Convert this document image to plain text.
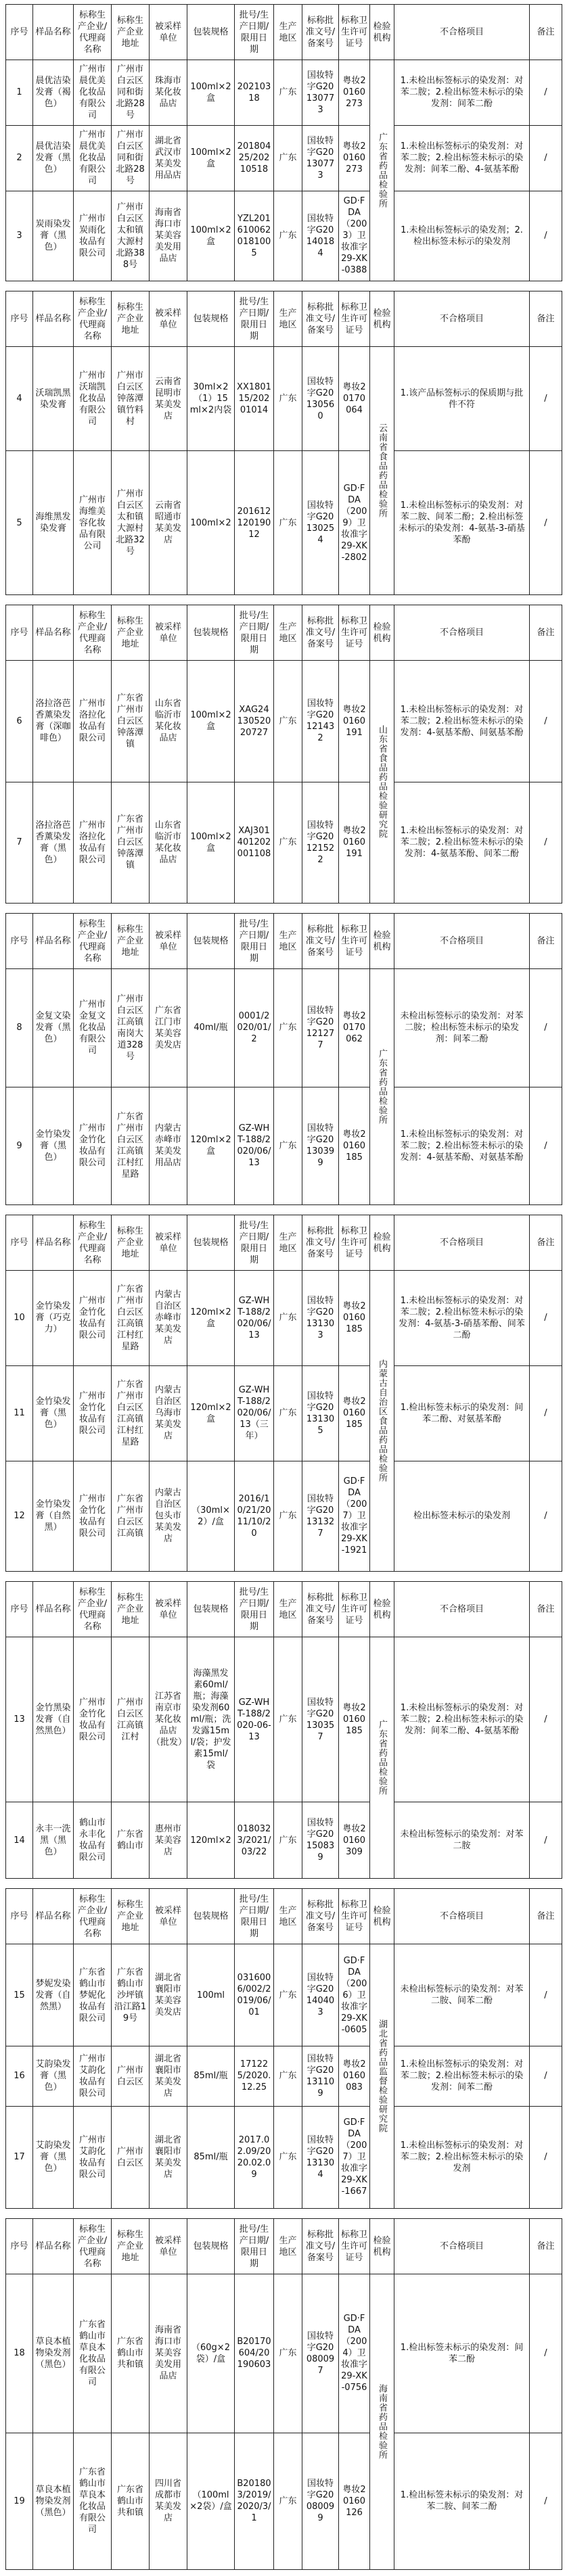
序号	样品名称	标称生产企业/代理商名称	标称生产企业地址	被采样单位	包装规格	批号/生产日期/限用日期	生产地区	标称批准文号/备案号	标称卫生许可证号	检验机构	不合格项目	备注
1	晨优洁染发膏（褐色）	广州市晨优美化妆品有限公司	广州市白云区同和街北路28号	珠海市某化妆品店	100ml×2盒	20210318	广东	国妆特字G20130773	粤妆20160273	广东省药品检验所	1.未检出标签标示的染发剂：对苯二胺；2.检出标签未标示的染发剂：间苯二酚	/
2	晨优洁染发膏（黑色）	广州市晨优美化妆品有限公司	广州市白云区同和街北路28号	湖北省武汉市某美发用品店	100ml×2盒	20180425/20210518	广东	国妆特字G20130773	粤妆20160273		1.未检出标签标示的染发剂：对苯二胺；2.检出标签未标示的染发剂：间苯二酚、4-氨基苯酚	/
3	炭雨染发膏（黑色）	广州市炭雨化妆品有限公司	广州市白云区太和镇大源村北路388号	海南省海口市某美容美发用品店	100ml×2盒	YZL2016100620181005	广东	国妆特字G20140184	GD·FDA（2003）卫妆准字29-XK-0388		1.未检出标签标示的染发剂；2.检出标签未标示的染发剂	/
序号	样品名称	标称生产企业/代理商名称	标称生产企业地址	被采样单位	包装规格	批号/生产日期/限用日期	生产地区	标称批准文号/备案号	标称卫生许可证号	检验机构	不合格项目	备注
4	沃瑞凯黑染发膏	广州市沃瑞凯化妆品有限公司	广州市白云区钟落潭镇竹料村	云南省昆明市某美发店	30ml×2（1）15ml×2内袋	XX180115/20201014	广东	国妆特字G20130560	粤妆20170064	云南省食品药品检验所	1.该产品标签标示的保质期与批件不符	/
5	海维黑发染发膏	广州市海维美容化妆品有限公司	广州市白云区太和镇大源村北路32号	云南省昭通市某美发店	100ml×2	20161212019012	广东	国妆特字G20130254	GD·FDA（2009）卫妆准字29-XK-2802		1.未检出标签标示的染发剂：对苯二胺、间苯二酚；2.检出标签未标示的染发剂：4-氨基-3-硝基苯酚	/
序号	样品名称	标称生产企业/代理商名称	标称生产企业地址	被采样单位	包装规格	批号/生产日期/限用日期	生产地区	标称批准文号/备案号	标称卫生许可证号	检验机构	不合格项目	备注
6	洛拉洛芭香薰染发膏（深咖啡色）	广州市洛拉化妆品有限公司	广东省广州市白云区钟落潭镇	山东省临沂市某化妆品店	100ml×2盒	XAG2413052020727	广东	国妆特字G20121432	粤妆20160191	山东省食品药品检验研究院	1.未检出标签标示的染发剂：对苯二胺；2.检出标签未标示的染发剂：4-氨基苯酚、间氨基苯酚	/
7	洛拉洛芭香薰染发膏（黑色）	广州市洛拉化妆品有限公司	广东省广州市白云区钟落潭镇	山东省临沂市某化妆品店	100ml×2盒	XAJ301401202001108	广东	国妆特字G20121522	粤妆20160191		1.未检出标签标示的染发剂：对苯二胺；2.检出标签未标示的染发剂：4-氨基苯酚、间苯二酚	/
序号	样品名称	标称生产企业/代理商名称	标称生产企业地址	被采样单位	包装规格	批号/生产日期/限用日期	生产地区	标称批准文号/备案号	标称卫生许可证号	检验机构	不合格项目	备注
8	金复文染发膏（黑色）	广州市金复文化妆品有限公司	广州市白云区江高镇南岗大道328号	广东省江门市某美容美发店	40ml/瓶	0001/2020/01/2	广东	国妆特字G20121277	粤妆20170062	广东省药品检验所	未检出标签标示的染发剂：对苯二胺；检出标签未标示的染发剂：间苯二酚	/
9	金竹染发膏（黑色）	广州市金竹化妆品有限公司	广东省广州市白云区江高镇江村红星路	内蒙古赤峰市某美发用品店	120ml×2盒	GZ-WHT-188/2020/06/13	广东	国妆特字G20130399	粤妆20160185		1.未检出标签标示的染发剂：对苯二胺；2.检出标签未标示的染发剂：4-氨基苯酚、对氨基苯酚	/
序号	样品名称	标称生产企业/代理商名称	标称生产企业地址	被采样单位	包装规格	批号/生产日期/限用日期	生产地区	标称批准文号/备案号	标称卫生许可证号	检验机构	不合格项目	备注
10	金竹染发膏（巧克力）	广州市金竹化妆品有限公司	广东省广州市白云区江高镇江村红星路	内蒙古自治区赤峰市某美发店	120ml×2盒	GZ-WHT-188/2020/06/13	广东	国妆特字G20131303	粤妆20160185	内蒙古自治区食品药品检验所	1.未检出标签标示的染发剂：对苯二胺；2.检出标签未标示的染发剂：4-氨基-3-硝基苯酚、间苯二酚	/
11	金竹染发膏（黑色）	广州市金竹化妆品有限公司	广东省广州市白云区江高镇江村红星路	内蒙古自治区乌海市某美发店	120ml×2盒	GZ-WHT-188/2020/06/13（三年）	广东	国妆特字G20131305	粤妆20160185		1.检出标签未标示的染发剂：间苯二酚、对氨基苯酚	/
12	金竹染发膏（自然黑）	广州市金竹化妆品有限公司	广东省广州市白云区江高镇	内蒙古自治区包头市某美发店	（30ml×2）/盒	2016/10/21/2011/10/20	广东	国妆特字G20131327	GD·FDA（2007）卫妆准字29-XK-1921		检出标签未标示的染发剂	/
序号	样品名称	标称生产企业/代理商名称	标称生产企业地址	被采样单位	包装规格	批号/生产日期/限用日期	生产地区	标称批准文号/备案号	标称卫生许可证号	检验机构	不合格项目	备注
13	金竹黑染发膏（自然黑色）	广州市金竹化妆品有限公司	广州市白云区江高镇江村	江苏省南京市某化妆品店（批发）	海藻黑发素60ml/瓶；海藻染发剂60ml/瓶；洗发露15ml/袋；护发素15ml/袋	GZ-WHT-188/2020-06-13	广东	国妆特字G20130357	粤妆20160185	广东省药品检验所	1.未检出标签标示的染发剂：对苯二胺；2.检出标签未标示的染发剂：间苯二酚、4-氨基苯酚	/
14	永丰一洗黑（黑色）	鹤山市永丰化妆品有限公司	广东省鹤山市	惠州市某美容店	120ml×2	0180323/2021/03/22	广东	国妆特字G20150839	粤妆20160309		未检出标签标示的染发剂：对苯二胺	/
序号	样品名称	标称生产企业/代理商名称	标称生产企业地址	被采样单位	包装规格	批号/生产日期/限用日期	生产地区	标称批准文号/备案号	标称卫生许可证号	检验机构	不合格项目	备注
15	梦妮发染发膏（自然黑）	广东省鹤山市梦妮化妆品有限公司	广东省鹤山市沙坪镇沿江路19号	湖北省襄阳市某美容美发店	100ml	0316006/002/2019/06/01	广东	国妆特字G20140403	GD·FDA（2006）卫妆准字29-XK-0605	湖北省药品监督检验研究院	未检出标签标示的染发剂：对苯二胺、间苯二酚	/
16	艾韵染发膏（黑色）	广州市艾韵化妆品有限公司	广州市白云区	湖北省襄阳市某美发店	85ml/瓶	171225/2020.12.25	广东	国妆特字G20131109	粤妆20160083		1.未检出标签标示的染发剂：对苯二胺；2.检出标签未标示的染发剂：间苯二酚	/
17	艾韵染发膏（黑色）	广州市艾韵化妆品有限公司	广州市白云区	湖北省襄阳市某美发店	85ml/瓶	2017.02.09/2020.02.09	广东	国妆特字G20131304	GD·FDA（2007）卫妆准字29-XK-1667		1.未检出标签标示的染发剂：对苯二胺；2.检出标签未标示的染发剂	/
序号	样品名称	标称生产企业/代理商名称	标称生产企业地址	被采样单位	包装规格	批号/生产日期/限用日期	生产地区	标称批准文号/备案号	标称卫生许可证号	检验机构	不合格项目	备注
18	草良本植物染发剂（黑色）	广东省鹤山市草良本化妆品有限公司	广东省鹤山市共和镇	海南省海口市某美容美发用品店	（60g×2袋）/盒	B20170604/20190603	广东	国妆特字G20080097	GD·FDA（2004）卫妆准字29-XK-0756	海南省药品检验所	1.检出标签未标示的染发剂：间苯二酚	/
19	草良本植物染发剂（黑色）	广东省鹤山市草良本化妆品有限公司	广东省鹤山市共和镇	四川省成都市某美发店	（100ml×2袋）/盒	B201803/2019/2020/3/1	广东	国妆特字G20080099	粤妆20160126		1.检出标签未标示的染发剂：对苯二胺、间苯二酚	/
